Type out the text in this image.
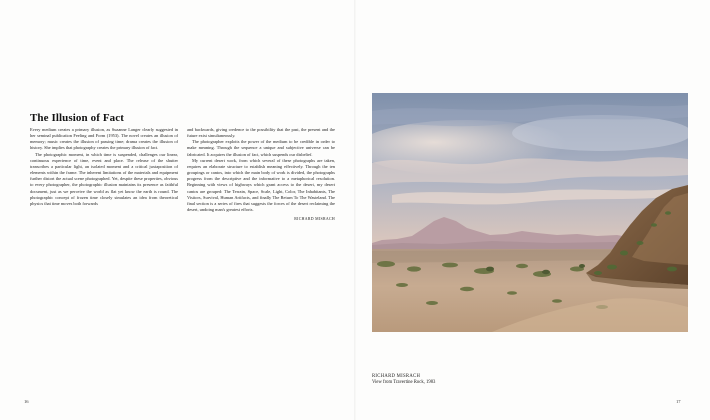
The Illusion of Fact

Every medium creates a primary illusion, as Suzanne Langer clearly suggested in her seminal publication Feeling and Form (1953). The novel creates an illusion of memory; music creates the illusion of passing time; drama creates the illusion of history. She implies that photography creates the primary illusion of fact.

The photographic moment, in which time is suspended, challenges our linear, continuous experience of time, event and place. The release of the shutter transcribes a particular light, an isolated moment and a critical juxtaposition of elements within the frame. The inherent limitations of the materials and equipment further distort the actual scene photographed. Yet, despite these properties, obvious to every photographer, the photographic illusion maintains its presence as faithful document, just as we perceive the world as flat yet know the earth is round. The photographic concept of frozen time closely simulates an idea from theoretical physics that time moves both forwards

and backwards, giving credence to the possibility that the past, the present and the future exist simultaneously.

The photographer exploits the power of the medium to be credible in order to make meaning. Through the sequence a unique and subjective universe can be fabricated. It acquires the illusion of fact, which suspends our disbelief.

My current desert work, from which several of these photographs are taken, requires an elaborate structure to establish meaning effectively. Through the ten groupings or cantos, into which the main body of work is divided, the photographs progress from the descriptive and the informative to a metaphorical resolution. Beginning with views of highways which grant access to the desert, my desert cantos are grouped: The Terrain, Space, Scale, Light, Color, The Inhabitants, The Visitors, Survival, Human Artifacts, and finally The Return To The Wasteland. The final section is a series of fires that suggests the forces of the desert reclaiming the desert, undoing man's greatest efforts.

RICHARD MISRACH

16
RICHARD MISRACH
View from Travertine Rock, 1983
17
